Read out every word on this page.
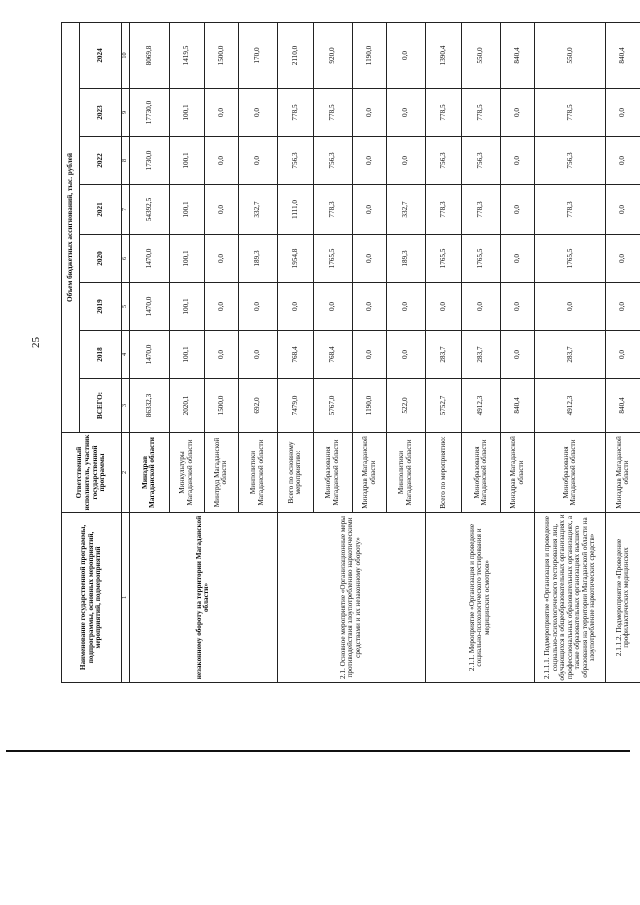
25
Наименование государственной программы, подпрограммы, основных мероприятий, мероприятий, подмероприятий	Ответственный исполнитель, участник государственной программы	Объем бюджетных ассигнований, тыс. рублей							
		ВСЕГО:	2018	2019	2020	2021	2022	2023	2024
1	2	3	4	5	6	7	8	9	10
незаконному обороту на территории Магаданской области»	Минздрав Магаданской области	86332,3	1470,0	1470,0	1470,0	54392,5	1730,0	17730,0	8069,8
	Минкультуры Магаданской области	2020,1	100,1	100,1	100,1	100,1	100,1	100,1	1419,5
	Минтруд Магаданской области	1500,0	0,0	0,0	0,0	0,0	0,0	0,0	1500,0
	Минполитики Магаданской области	692,0	0,0	0,0	189,3	332,7	0,0	0,0	170,0
2.1. Основное мероприятие «Организационные меры противодействия злоупотреблению наркотическими средствами и их незаконному обороту»	Всего по основному мероприятию:	7479,0	768,4	0,0	1954,8	1111,0	756,3	778,5	2110,0
	Минобразования Магаданской области	5767,0	768,4	0,0	1765,5	778,3	756,3	778,5	920,0
	Минздрав Магаданской области	1190,0	0,0	0,0	0,0	0,0	0,0	0,0	1190,0
	Минполитики Магаданской области	522,0	0,0	0,0	189,3	332,7	0,0	0,0	0,0
2.1.1. Мероприятие «Организация и проведение социально-психологического тестирования и медицинских осмотров»	Всего по мероприятию:	5752,7	283,7	0,0	1765,5	778,3	756,3	778,5	1390,4
	Минобразования Магаданской области	4912,3	283,7	0,0	1765,5	778,3	756,3	778,5	550,0
	Минздрав Магаданской области	840,4	0,0	0,0	0,0	0,0	0,0	0,0	840,4
2.1.1.1. Подмероприятие «Организация и проведение социально-психологического тестирования лиц, обучающихся в общеобразовательных организациях и профессиональных образовательных организациях, а также образовательных организациях высшего образования на территории Магаданской области на злоупотребление наркотических средств»	Минобразования Магаданской области	4912,3	283,7	0,0	1765,5	778,3	756,3	778,5	550,0
2.1.1.2. Подмероприятие «Проведение профилактических медицинских	Минздрав Магаданской области	840,4	0,0	0,0	0,0	0,0	0,0	0,0	840,4
